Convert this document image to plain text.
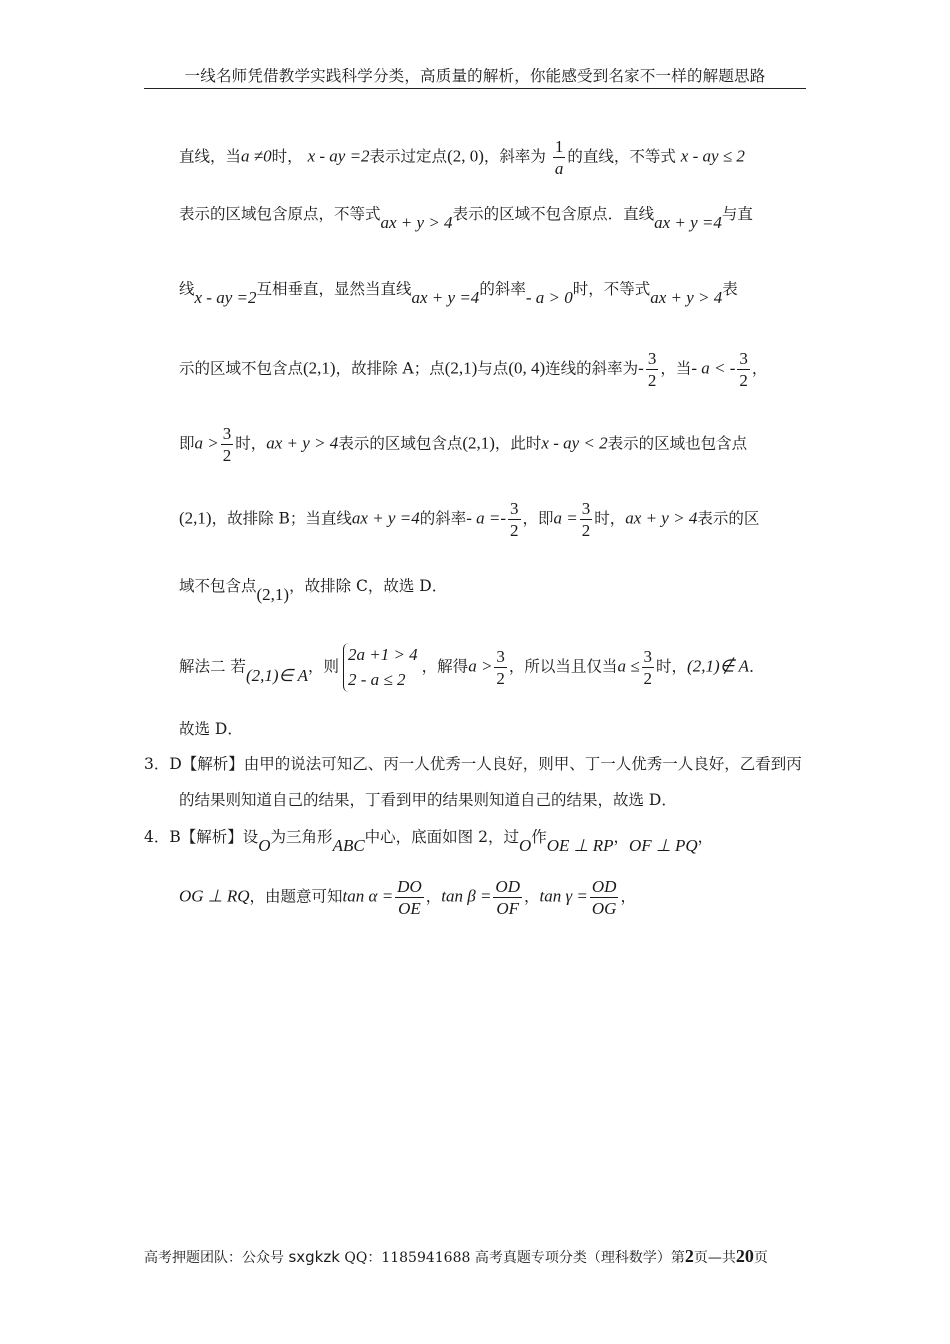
一线名师凭借教学实践科学分类，高质量的解析，你能感受到名家不一样的解题思路
直线，当a ≠0时， x - ay =2表示过定点(2, 0)，斜率为 $\frac{1}{a}$ 的直线，不等式 x - ay ≤ 2
表示的区域包含原点，不等式ax + y > 4表示的区域不包含原点．直线ax + y =4与直
线x - ay =2互相垂直，显然当直线ax + y =4的斜率- a > 0时，不等式ax + y > 4表
示的区域不包含点(2,1)，故排除 A；点(2,1)与点(0, 4)连线的斜率为- $\frac{3}{2}$ ，当- a < - $\frac{3}{2}$ ，
即$a > \frac{3}{2}$ 时，ax + y > 4表示的区域包含点(2,1)，此时x - ay < 2表示的区域也包含点
(2,1)，故排除 B；当直线ax + y =4的斜率- $a =- \frac{3}{2}$ ，即$a = \frac{3}{2}$ 时，ax + y > 4表示的区
域不包含点(2,1)，故排除 C，故选 D．
解法二 若(2,1)∈ A，则
2a +1 > 4
2 - a ≤ 2
，解得$a > \frac{3}{2}$ ，所以当且仅当$a \le \frac{3}{2}$ 时，(2,1)∉ A．
故选 D．
3．D【解析】由甲的说法可知乙、丙一人优秀一人良好，则甲、丁一人优秀一人良好，乙看到丙
的结果则知道自己的结果，丁看到甲的结果则知道自己的结果，故选 D．
4．B【解析】设O为三角形ABC中心，底面如图 2，过O作OE ⊥ RP，OF ⊥ PQ，
OG ⊥ RQ，由题意可知$\tan \alpha = \frac{DO}{OE}$ ，$\tan \beta = \frac{OD}{OF}$ ，$\tan \gamma = \frac{OD}{OG}$ ，
高考押题团队：公众号 sxgkzk QQ：1185941688 高考真题专项分类（理科数学）第2页—共20页
